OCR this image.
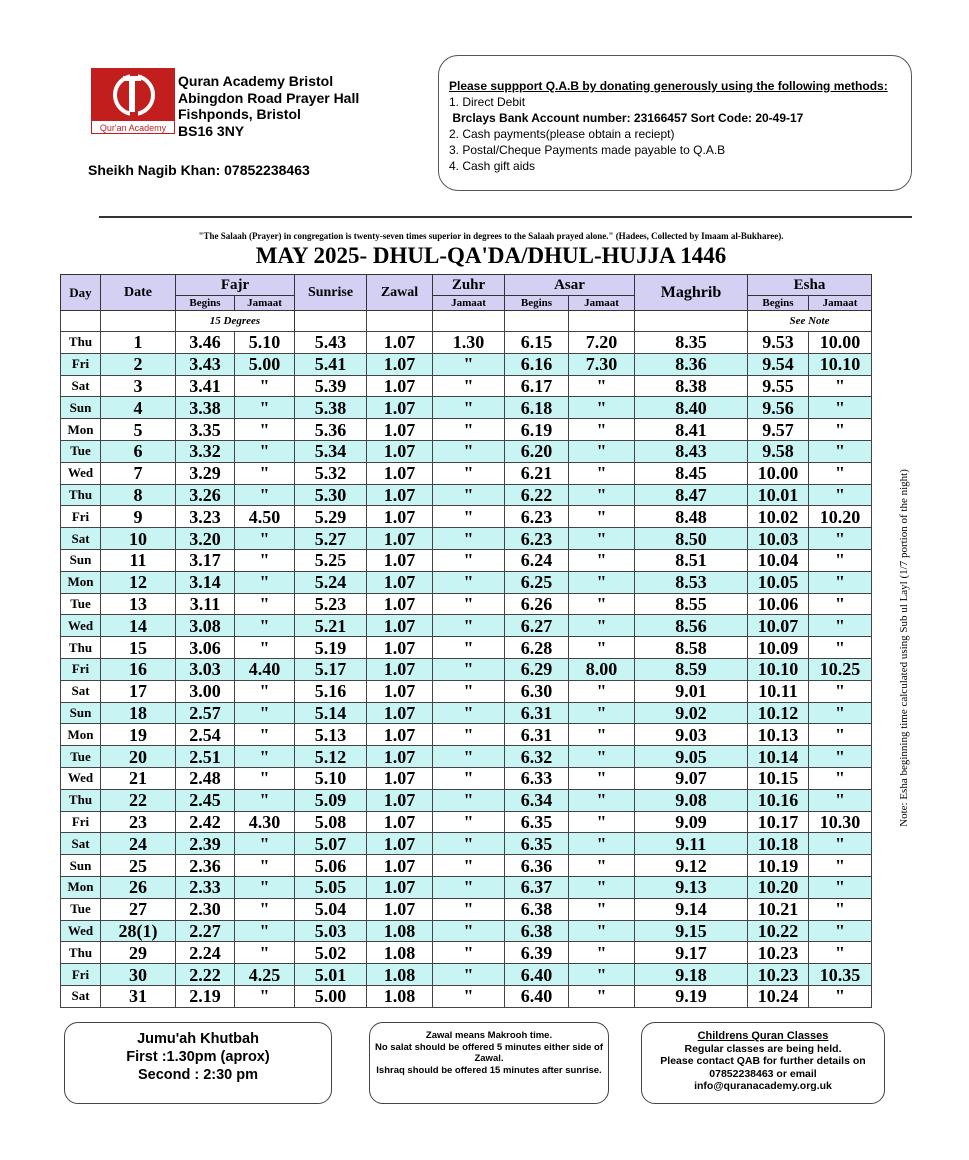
Qur'an Academy
Quran Academy Bristol
Abingdon Road Prayer Hall
Fishponds, Bristol
BS16 3NY
Sheikh Nagib Khan: 07852238463
Please suppport Q.A.B by donating generously using the following methods:
1. Direct Debit
Brclays Bank Account number: 23166457 Sort Code: 20-49-17
2. Cash payments(please obtain a reciept)
3. Postal/Cheque Payments made payable to Q.A.B
4. Cash gift aids
"The Salaah (Prayer) in congregation is twenty-seven times superior in degrees to the Salaah prayed alone." (Hadees, Collected by Imaam al-Bukhareе).
MAY 2025- DHUL-QA'DA/DHUL-HUJJA 1446
Note: Esha beginning time calculated using Sub ul Layl (1/7 portion of the night)
		15 Degrees								See Note	
Day	Date	Fajr		Sunrise	Zawal	Zuhr	Asar		Maghrib	Esha	
		Begins	Jamaat			Jamaat	Begins	Jamaat		Begins	Jamaat
Thu	1	3.46	5.10	5.43	1.07	1.30	6.15	7.20	8.35	9.53	10.00
Fri	2	3.43	5.00	5.41	1.07	"	6.16	7.30	8.36	9.54	10.10
Sat	3	3.41	"	5.39	1.07	"	6.17	"	8.38	9.55	"
Sun	4	3.38	"	5.38	1.07	"	6.18	"	8.40	9.56	"
Mon	5	3.35	"	5.36	1.07	"	6.19	"	8.41	9.57	"
Tue	6	3.32	"	5.34	1.07	"	6.20	"	8.43	9.58	"
Wed	7	3.29	"	5.32	1.07	"	6.21	"	8.45	10.00	"
Thu	8	3.26	"	5.30	1.07	"	6.22	"	8.47	10.01	"
Fri	9	3.23	4.50	5.29	1.07	"	6.23	"	8.48	10.02	10.20
Sat	10	3.20	"	5.27	1.07	"	6.23	"	8.50	10.03	"
Sun	11	3.17	"	5.25	1.07	"	6.24	"	8.51	10.04	"
Mon	12	3.14	"	5.24	1.07	"	6.25	"	8.53	10.05	"
Tue	13	3.11	"	5.23	1.07	"	6.26	"	8.55	10.06	"
Wed	14	3.08	"	5.21	1.07	"	6.27	"	8.56	10.07	"
Thu	15	3.06	"	5.19	1.07	"	6.28	"	8.58	10.09	"
Fri	16	3.03	4.40	5.17	1.07	"	6.29	8.00	8.59	10.10	10.25
Sat	17	3.00	"	5.16	1.07	"	6.30	"	9.01	10.11	"
Sun	18	2.57	"	5.14	1.07	"	6.31	"	9.02	10.12	"
Mon	19	2.54	"	5.13	1.07	"	6.31	"	9.03	10.13	"
Tue	20	2.51	"	5.12	1.07	"	6.32	"	9.05	10.14	"
Wed	21	2.48	"	5.10	1.07	"	6.33	"	9.07	10.15	"
Thu	22	2.45	"	5.09	1.07	"	6.34	"	9.08	10.16	"
Fri	23	2.42	4.30	5.08	1.07	"	6.35	"	9.09	10.17	10.30
Sat	24	2.39	"	5.07	1.07	"	6.35	"	9.11	10.18	"
Sun	25	2.36	"	5.06	1.07	"	6.36	"	9.12	10.19	"
Mon	26	2.33	"	5.05	1.07	"	6.37	"	9.13	10.20	"
Tue	27	2.30	"	5.04	1.07	"	6.38	"	9.14	10.21	"
Wed	28(1)	2.27	"	5.03	1.08	"	6.38	"	9.15	10.22	"
Thu	29	2.24	"	5.02	1.08	"	6.39	"	9.17	10.23	"
Fri	30	2.22	4.25	5.01	1.08	"	6.40	"	9.18	10.23	10.35
Sat	31	2.19	"	5.00	1.08	"	6.40	"	9.19	10.24	"
Jumu'ah Khutbah
First :1.30pm (aprox)
Second : 2:30 pm
Zawal means Makrooh time.
No salat should be offered 5 minutes either side of Zawal.
Ishraq should be offered 15 minutes after sunrise.
Childrens Quran Classes
Regular classes are being held.
Please contact QAB for further details on 07852238463 or email
info@quranacademy.org.uk
